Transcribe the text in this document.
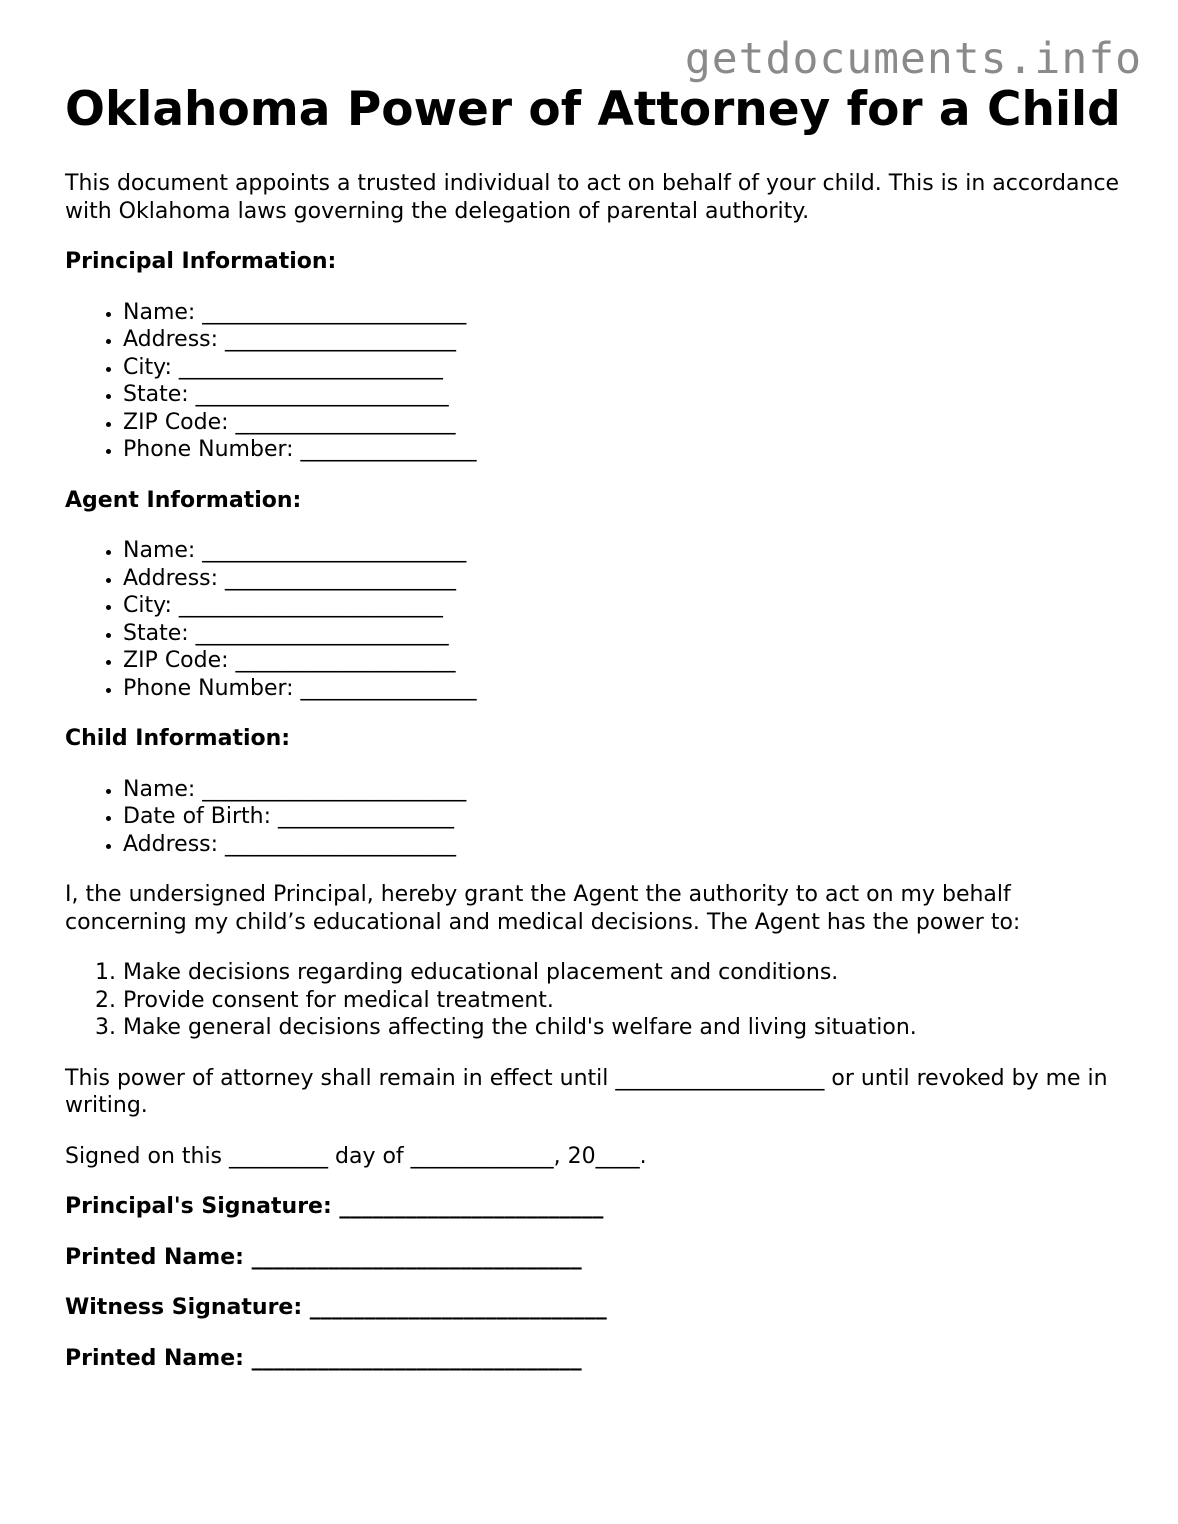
getdocuments.info
Oklahoma Power of Attorney for a Child

This document appoints a trusted individual to act on behalf of your child. This is in accordance with Oklahoma laws governing the delegation of parental authority.

Principal Information:

• Name: ________________________
• Address: _____________________
• City: ________________________
• State: _______________________
• ZIP Code: ____________________
• Phone Number: ________________

Agent Information:

• Name: ________________________
• Address: _____________________
• City: ________________________
• State: _______________________
• ZIP Code: ____________________
• Phone Number: ________________

Child Information:

• Name: ________________________
• Date of Birth: ________________
• Address: _____________________

I, the undersigned Principal, hereby grant the Agent the authority to act on my behalf concerning my child’s educational and medical decisions. The Agent has the power to:

1. Make decisions regarding educational placement and conditions.
2. Provide consent for medical treatment.
3. Make general decisions affecting the child's welfare and living situation.

This power of attorney shall remain in effect until ___________________ or until revoked by me in writing.

Signed on this _________ day of _____________, 20____.

Principal's Signature: ________________________

Printed Name: ______________________________

Witness Signature: ___________________________

Printed Name: ______________________________
